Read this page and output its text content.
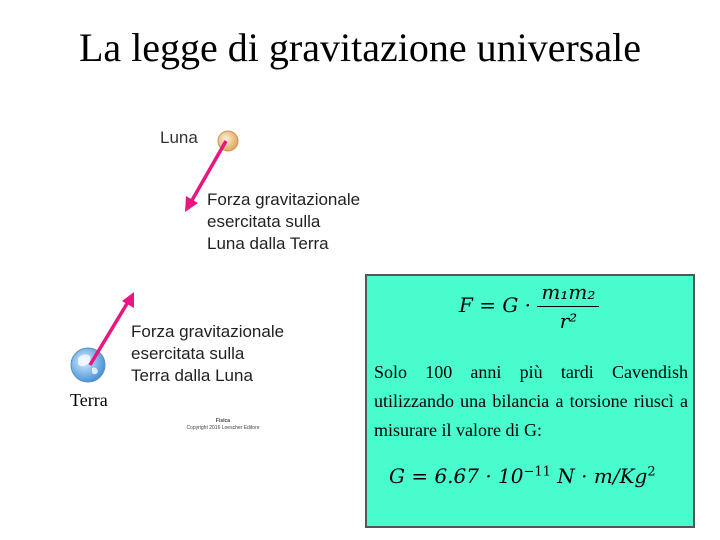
La legge di gravitazione universale
Luna
Forza gravitazionale
esercitata sulla
Luna dalla Terra
Forza gravitazionale
esercitata sulla
Terra dalla Luna
Terra
Fisica
Copyright 2016 Loescher Editore
$F = G \cdot \frac{\text{m₁m₂}}{\text{r²}}$
Solo 100 anni più tardi Cavendish utilizzando una bilancia a torsione riuscì a misurare il valore di G:
$G = 6.67 \cdot 10^{-11}$ $N \cdot m/Kg^2$
